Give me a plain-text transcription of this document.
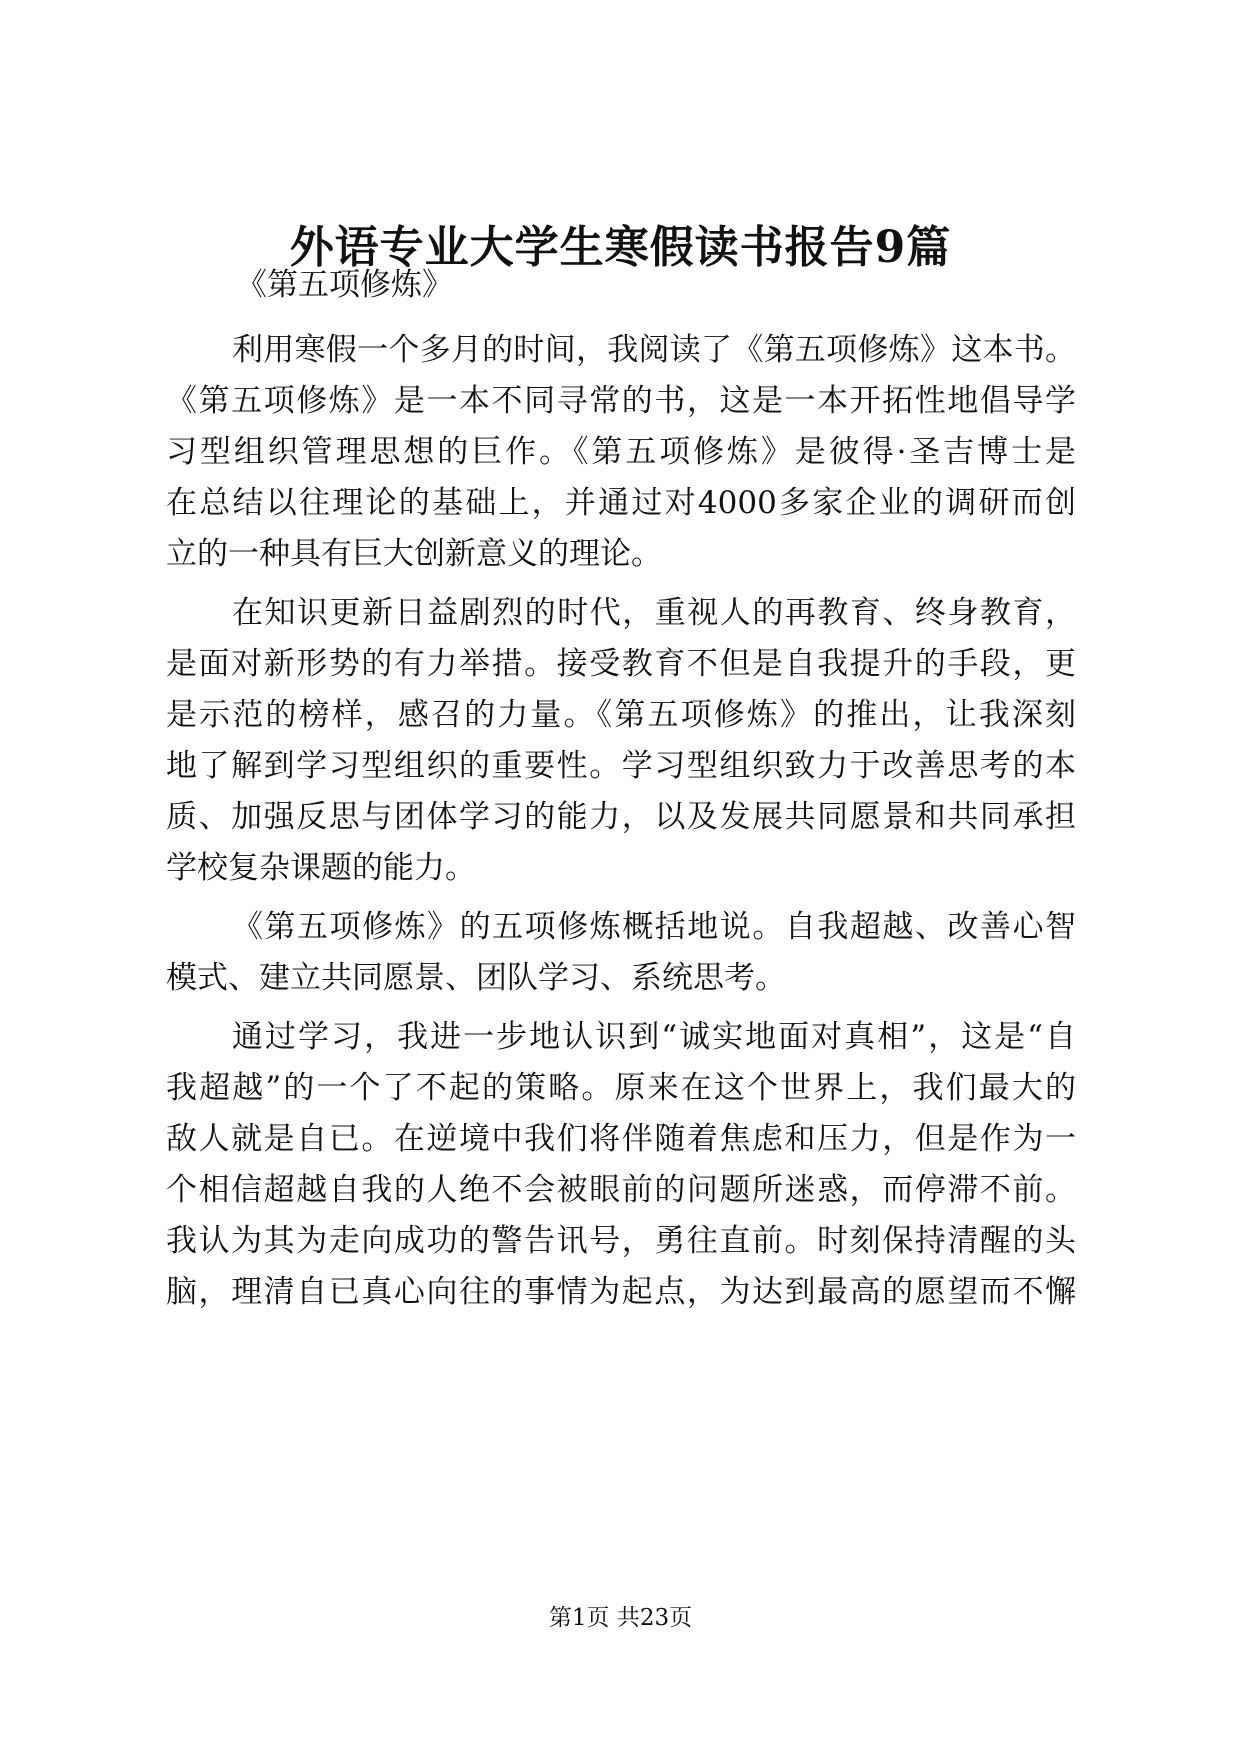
外语专业大学生寒假读书报告9篇
《第五项修炼》
利用寒假一个多月的时间，我阅读了《第五项修炼》这本书。
《第五项修炼》是一本不同寻常的书，这是一本开拓性地倡导学
习型组织管理思想的巨作。《第五项修炼》是彼得·圣吉博士是
在总结以往理论的基础上，并通过对4000多家企业的调研而创
立的一种具有巨大创新意义的理论。
在知识更新日益剧烈的时代，重视人的再教育、终身教育，
是面对新形势的有力举措。接受教育不但是自我提升的手段，更
是示范的榜样，感召的力量。《第五项修炼》的推出，让我深刻
地了解到学习型组织的重要性。学习型组织致力于改善思考的本
质、加强反思与团体学习的能力，以及发展共同愿景和共同承担
学校复杂课题的能力。
《第五项修炼》的五项修炼概括地说。自我超越、改善心智
模式、建立共同愿景、团队学习、系统思考。
通过学习，我进一步地认识到“诚实地面对真相”，这是“自
我超越”的一个了不起的策略。原来在这个世界上，我们最大的
敌人就是自已。在逆境中我们将伴随着焦虑和压力，但是作为一
个相信超越自我的人绝不会被眼前的问题所迷惑，而停滞不前。
我认为其为走向成功的警告讯号，勇往直前。时刻保持清醒的头
脑，理清自已真心向往的事情为起点，为达到最高的愿望而不懈
第1页 共23页
